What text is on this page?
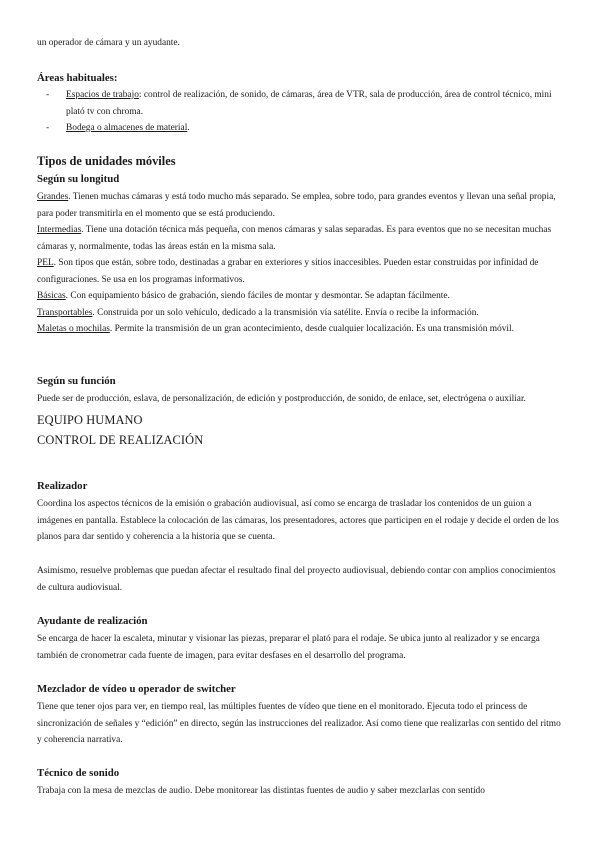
un operador de cámara y un ayudante.
Áreas habituales:
- Espacios de trabajo: control de realización, de sonido, de cámaras, área de VTR, sala de producción, área de control técnico, mini plató tv con chroma.
- Bodega o almacenes de material.
Tipos de unidades móviles
Según su longitud
Grandes. Tienen muchas cámaras y está todo mucho más separado. Se emplea, sobre todo, para grandes eventos y llevan una señal propia, para poder transmitirla en el momento que se está produciendo.
Intermedias. Tiene una dotación técnica más pequeña, con menos cámaras y salas separadas. Es para eventos que no se necesitan muchas cámaras y, normalmente, todas las áreas están en la misma sala.
PEL. Son tipos que están, sobre todo, destinadas a grabar en exteriores y sitios inaccesibles. Pueden estar construidas por infinidad de configuraciones. Se usa en los programas informativos.
Básicas. Con equipamiento básico de grabación, siendo fáciles de montar y desmontar. Se adaptan fácilmente.
Transportables. Construida por un solo vehículo, dedicado a la transmisión vía satélite. Envía o recibe la información.
Maletas o mochilas. Permite la transmisión de un gran acontecimiento, desde cualquier localización. Es una transmisión móvil.
Según su función
Puede ser de producción, eslava, de personalización, de edición y postproducción, de sonido, de enlace, set, electrógena o auxiliar.
EQUIPO HUMANO
CONTROL DE REALIZACIÓN
Realizador
Coordina los aspectos técnicos de la emisión o grabación audiovisual, así como se encarga de trasladar los contenidos de un guion a imágenes en pantalla. Establece la colocación de las cámaras, los presentadores, actores que participen en el rodaje y decide el orden de los planos para dar sentido y coherencia a la historia que se cuenta.
Asimismo, resuelve problemas que puedan afectar el resultado final del proyecto audiovisual, debiendo contar con amplios conocimientos de cultura audiovisual.
Ayudante de realización
Se encarga de hacer la escaleta, minutar y visionar las piezas, preparar el plató para el rodaje. Se ubica junto al realizador y se encarga también de cronometrar cada fuente de imagen, para evitar desfases en el desarrollo del programa.
Mezclador de vídeo u operador de switcher
Tiene que tener ojos para ver, en tiempo real, las múltiples fuentes de vídeo que tiene en el monitorado. Ejecuta todo el princess de sincronización de señales y “edición” en directo, según las instrucciones del realizador. Así como tiene que realizarlas con sentido del ritmo y coherencia narrativa.
Técnico de sonido
Trabaja con la mesa de mezclas de audio. Debe monitorear las distintas fuentes de audio y saber mezclarlas con sentido
